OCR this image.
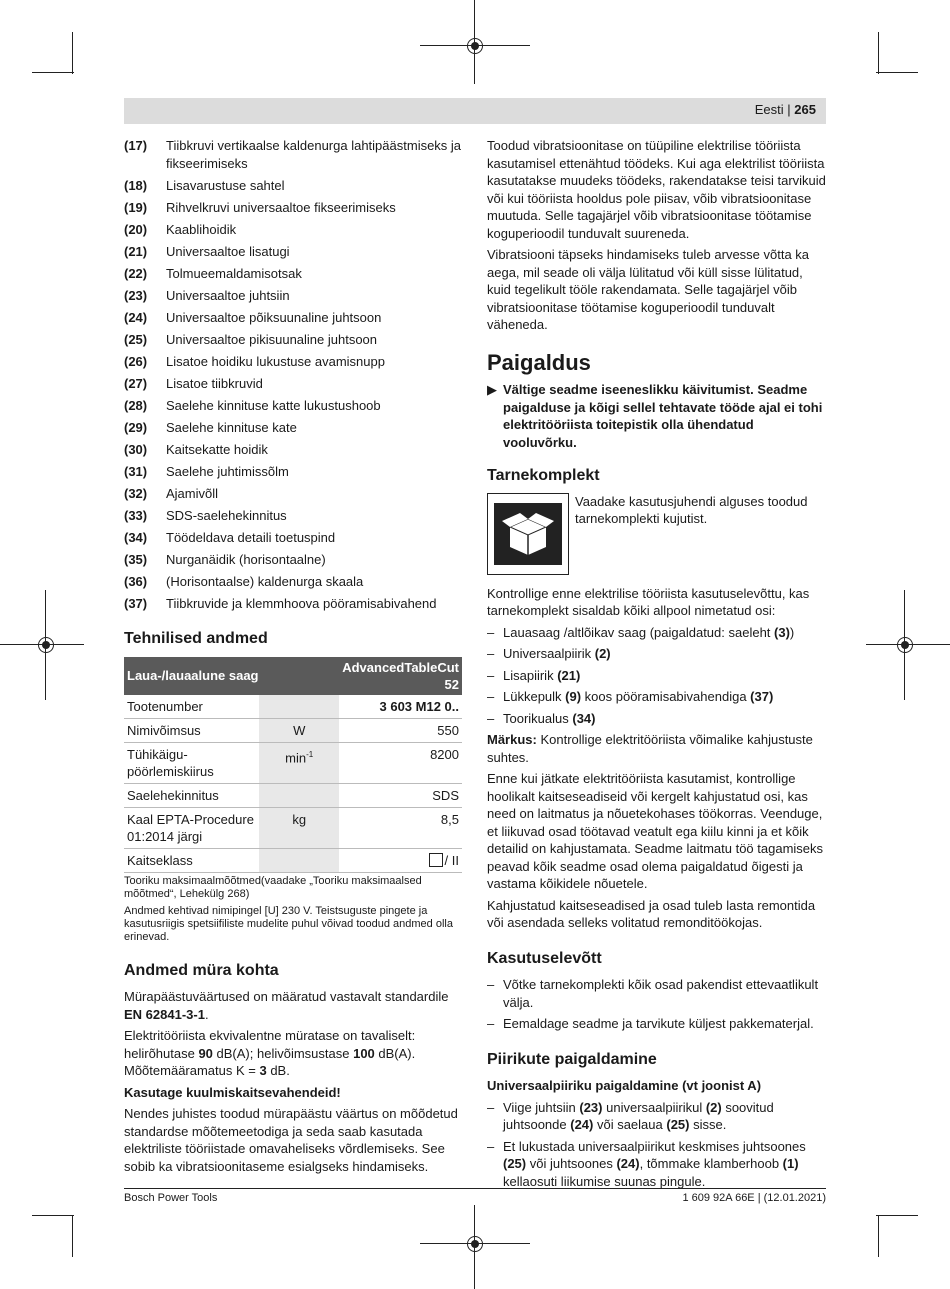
Eesti | 265
(17)	Tiibkruvi vertikaalse kaldenurga lahtipäästmiseks ja fikseerimiseks
(18)	Lisavarustuse sahtel
(19)	Rihvelkruvi universaaltoe fikseerimiseks
(20)	Kaablihoidik
(21)	Universaaltoe lisatugi
(22)	Tolmueemaldamisotsak
(23)	Universaaltoe juhtsiin
(24)	Universaaltoe põiksuunaline juhtsoon
(25)	Universaaltoe pikisuunaline juhtsoon
(26)	Lisatoe hoidiku lukustuse avamisnupp
(27)	Lisatoe tiibkruvid
(28)	Saelehe kinnituse katte lukustushoob
(29)	Saelehe kinnituse kate
(30)	Kaitsekatte hoidik
(31)	Saelehe juhtimissõlm
(32)	Ajamivõll
(33)	SDS-saelehekinnitus
(34)	Töödeldava detaili toetuspind
(35)	Nurganäidik (horisontaalne)
(36)	(Horisontaalse) kaldenurga skaala
(37)	Tiibkruvide ja klemmhoova pööramisabivahend
Tehnilised andmed
Laua-/lauaalune saag		AdvancedTableCut 52
Tootenumber		3 603 M12 0..
Nimivõimsus	W	550
Tühikäigu-pöörlemiskiirus	$\min^{-1}$	8200
Saelehekinnitus		SDS
Kaal EPTA-Procedure 01:2014 järgi	kg	8,5
Kaitseklass		/ II
Tooriku maksimaalmõõtmed(vaadake „Tooriku maksimaalsed mõõtmed“, Lehekülg 268)
Andmed kehtivad nimipingel [U] 230 V. Teistsuguste pingete ja kasutusriigis spetsiifiliste mudelite puhul võivad toodud andmed olla erinevad.
Andmed müra kohta

Mürapäästuväärtused on määratud vastavalt standardile EN 62841-3-1.

Elektritööriista ekvivalentne müratase on tavaliselt: helirõhutase 90 dB(A); helivõimsustase 100 dB(A). Mõõtemääramatus K = 3 dB.

Kasutage kuulmiskaitsevahendeid!

Nendes juhistes toodud mürapäästu väärtus on mõõdetud standardse mõõtemeetodiga ja seda saab kasutada elektriliste tööriistade omavaheliseks võrdlemiseks. See sobib ka vibratsioonitaseme esialgseks hindamiseks.

Toodud vibratsioonitase on tüüpiline elektrilise tööriista kasutamisel ettenähtud töödeks. Kui aga elektrilist tööriista kasutatakse muudeks töödeks, rakendatakse teisi tarvikuid või kui tööriista hooldus pole piisav, võib vibratsioonitase muutuda. Selle tagajärjel võib vibratsioonitase töötamise koguperioodil tunduvalt suureneda.

Vibratsiooni täpseks hindamiseks tuleb arvesse võtta ka aega, mil seade oli välja lülitatud või küll sisse lülitatud, kuid tegelikult tööle rakendamata. Selle tagajärjel võib vibratsioonitase töötamise koguperioodil tunduvalt väheneda.

Paigaldus
▶ Vältige seadme iseeneslikku käivitumist. Seadme paigalduse ja kõigi sellel tehtavate tööde ajal ei tohi elektritööriista toitepistik olla ühendatud vooluvõrku.
Tarnekomplekt
Vaadake kasutusjuhendi alguses toodud tarnekomplekti kujutist.

Kontrollige enne elektrilise tööriista kasutuselevõttu, kas tarnekomplekt sisaldab kõiki allpool nimetatud osi:

– Lauasaag /altlõikav saag (paigaldatud: saeleht (3))
– Universaalpiirik (2)
– Lisapiirik (21)
– Lükkepulk (9) koos pööramisabivahendiga (37)
– Toorikualus (34)

Märkus: Kontrollige elektritööriista võimalike kahjustuste suhtes.

Enne kui jätkate elektritööriista kasutamist, kontrollige hoolikalt kaitseseadiseid või kergelt kahjustatud osi, kas need on laitmatus ja nõuetekohases töökorras. Veenduge, et liikuvad osad töötavad veatult ega kiilu kinni ja et kõik detailid on kahjustamata. Seadme laitmatu töö tagamiseks peavad kõik seadme osad olema paigaldatud õigesti ja vastama kõikidele nõuetele.

Kahjustatud kaitseseadised ja osad tuleb lasta remontida või asendada selleks volitatud remonditöökojas.

Kasutuselevõtt
– Võtke tarnekomplekti kõik osad pakendist ettevaatlikult välja.
– Eemaldage seadme ja tarvikute küljest pakkematerjal.
Piirikute paigaldamine

Universaalpiiriku paigaldamine (vt joonist A)

– Viige juhtsiin (23) universaalpiirikul (2) soovitud juhtsoonde (24) või saelaua (25) sisse.
– Et lukustada universaalpiirikut keskmises juhtsoones (25) või juhtsoones (24), tõmmake klamberhoob (1) kellaosuti liikumise suunas pingule.
Bosch Power Tools	1 609 92A 66E | (12.01.2021)
